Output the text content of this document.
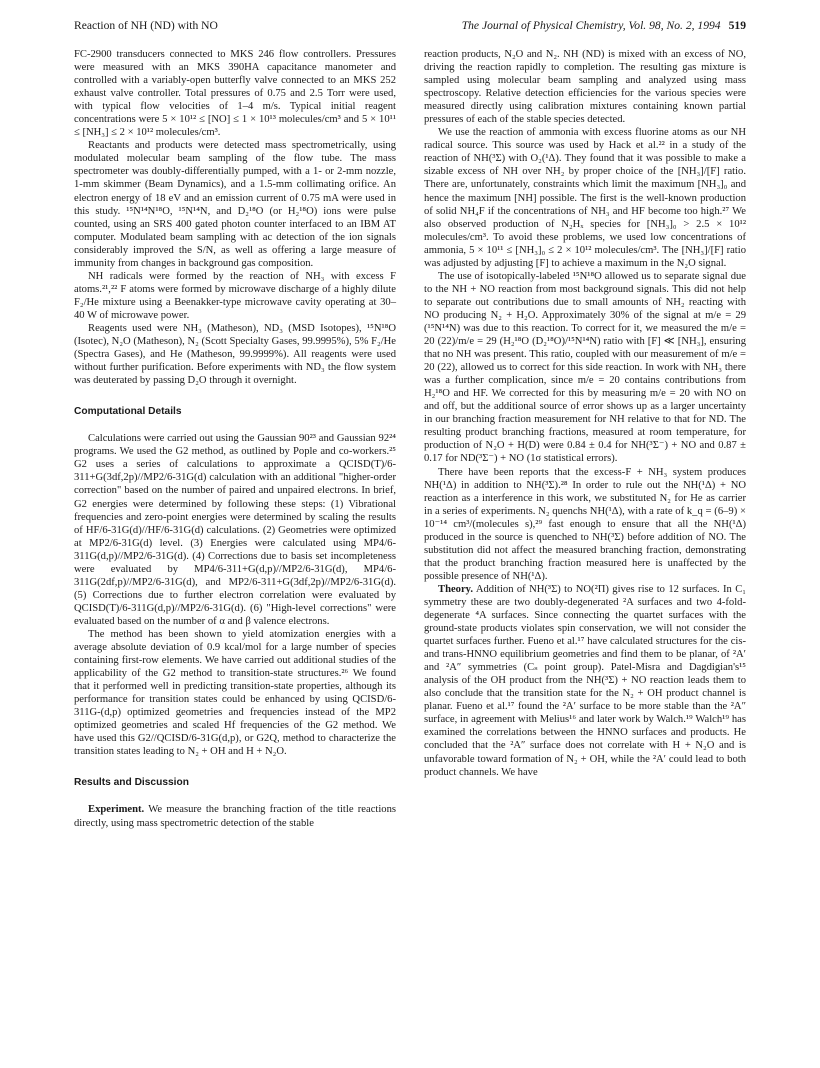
Reaction of NH (ND) with NO	The Journal of Physical Chemistry, Vol. 98, No. 2, 1994 519

FC-2900 transducers connected to MKS 246 flow controllers. Pressures were measured with an MKS 390HA capacitance manometer and controlled with a variably-open butterfly valve connected to an MKS 252 exhaust valve controller. Total pressures of 0.75 and 2.5 Torr were used, with typical flow velocities of 1–4 m/s. Typical initial reagent concentrations were 5 × 10¹² ≤ [NO] ≤ 1 × 10¹³ molecules/cm³ and 5 × 10¹¹ ≤ [NH₃] ≤ 2 × 10¹² molecules/cm³.

Reactants and products were detected mass spectrometrically, using modulated molecular beam sampling of the flow tube. The mass spectrometer was doubly-differentially pumped, with a 1- or 2-mm nozzle, 1-mm skimmer (Beam Dynamics), and a 1.5-mm collimating orifice. An electron energy of 18 eV and an emission current of 0.75 mA were used in this study. ¹⁵N¹⁴N¹⁸O, ¹⁵N¹⁴N, and D₂¹⁸O (or H₂¹⁸O) ions were pulse counted, using an SRS 400 gated photon counter interfaced to an IBM AT computer. Modulated beam sampling with ac detection of the ion signals considerably improved the S/N, as well as offering a large measure of immunity from changes in background gas composition.

NH radicals were formed by the reaction of NH₃ with excess F atoms.²¹,²² F atoms were formed by microwave discharge of a highly dilute F₂/He mixture using a Beenakker-type microwave cavity operating at 30–40 W of microwave power.

Reagents used were NH₃ (Matheson), ND₃ (MSD Isotopes), ¹⁵N¹⁸O (Isotec), N₂O (Matheson), N₂ (Scott Specialty Gases, 99.9995%), 5% F₂/He (Spectra Gases), and He (Matheson, 99.9999%). All reagents were used without further purification. Before experiments with ND₃ the flow system was deuterated by passing D₂O through it overnight.

Computational Details

Calculations were carried out using the Gaussian 90²³ and Gaussian 92²⁴ programs. We used the G2 method, as outlined by Pople and co-workers.²⁵ G2 uses a series of calculations to approximate a QCISD(T)/6-311+G(3df,2p)//MP2/6-31G(d) calculation with an additional "higher-order correction" based on the number of paired and unpaired electrons. In brief, G2 energies were determined by following these steps: (1) Vibrational frequencies and zero-point energies were determined by scaling the results of HF/6-31G(d)//HF/6-31G(d) calculations. (2) Geometries were optimized at MP2/6-31G(d) level. (3) Energies were calculated using MP4/6-311G(d,p)//MP2/6-31G(d). (4) Corrections due to basis set incompleteness were evaluated by MP4/6-311+G(d,p)//MP2/6-31G(d), MP4/6-311G(2df,p)//MP2/6-31G(d), and MP2/6-311+G(3df,2p)//MP2/6-31G(d). (5) Corrections due to further electron correlation were evaluated by QCISD(T)/6-311G(d,p)//MP2/6-31G(d). (6) "High-level corrections" were evaluated based on the number of α and β valence electrons.

The method has been shown to yield atomization energies with a average absolute deviation of 0.9 kcal/mol for a large number of species containing first-row elements. We have carried out additional studies of the applicability of the G2 method to transition-state structures.²⁶ We found that it performed well in predicting transition-state properties, although its performance for transition states could be enhanced by using QCISD/6-311G-(d,p) optimized geometries and frequencies instead of the MP2 optimized geometries and scaled Hf frequencies of the G2 method. We have used this G2//QCISD/6-31G(d,p), or G2Q, method to characterize the transition states leading to N₂ + OH and H + N₂O.

Results and Discussion

Experiment. We measure the branching fraction of the title reactions directly, using mass spectrometric detection of the stable

reaction products, N₂O and N₂. NH (ND) is mixed with an excess of NO, driving the reaction rapidly to completion. The resulting gas mixture is sampled using molecular beam sampling and analyzed using mass spectroscopy. Relative detection efficiencies for the various species were measured directly using calibration mixtures containing known partial pressures of each of the stable species detected.

We use the reaction of ammonia with excess fluorine atoms as our NH radical source. This source was used by Hack et al.²² in a study of the reaction of NH(³Σ) with O₂(¹Δ). They found that it was possible to make a sizable excess of NH over NH₂ by proper choice of the [NH₃]/[F] ratio. There are, unfortunately, constraints which limit the maximum [NH₃]₀ and hence the maximum [NH] possible. The first is the well-known production of solid NH₄F if the concentrations of NH₃ and HF become too high.²⁷ We also observed production of N₂Hₓ species for [NH₃]₀ > 2.5 × 10¹² molecules/cm³. To avoid these problems, we used low concentrations of ammonia, 5 × 10¹¹ ≤ [NH₃]₀ ≤ 2 × 10¹² molecules/cm³. The [NH₃]/[F] ratio was adjusted by adjusting [F] to achieve a maximum in the N₂O signal.

The use of isotopically-labeled ¹⁵N¹⁸O allowed us to separate signal due to the NH + NO reaction from most background signals. This did not help to separate out contributions due to small amounts of NH₂ reacting with NO producing N₂ + H₂O. Approximately 30% of the signal at m/e = 29 (¹⁵N¹⁴N) was due to this reaction. To correct for it, we measured the m/e = 20 (22)/m/e = 29 (H₂¹⁸O (D₂¹⁸O)/¹⁵N¹⁴N) ratio with [F] ≪ [NH₃], ensuring that no NH was present. This ratio, coupled with our measurement of m/e = 20 (22), allowed us to correct for this side reaction. In work with NH₃ there was a further complication, since m/e = 20 contains contributions from H₂¹⁸O and HF. We corrected for this by measuring m/e = 20 with NO on and off, but the additional source of error shows up as a larger uncertainty in our branching fraction measurement for NH relative to that for ND. The resulting product branching fractions, measured at room temperature, for production of N₂O + H(D) were 0.84 ± 0.4 for NH(³Σ⁻) + NO and 0.87 ± 0.17 for ND(³Σ⁻) + NO (1σ statistical errors).

There have been reports that the excess-F + NH₃ system produces NH(¹Δ) in addition to NH(³Σ).²⁸ In order to rule out the NH(¹Δ) + NO reaction as a interference in this work, we substituted N₂ for He as carrier in a series of experiments. N₂ quenchs NH(¹Δ), with a rate of k_q = (6–9) × 10⁻¹⁴ cm³/(molecules s),²⁹ fast enough to ensure that all the NH(¹Δ) produced in the source is quenched to NH(³Σ) before addition of NO. The substitution did not affect the measured branching fraction, demonstrating that the product branching fraction measured here is unaffected by the possible presence of NH(¹Δ).

Theory. Addition of NH(³Σ) to NO(²Π) gives rise to 12 surfaces. In C₁ symmetry these are two doubly-degenerated ²A surfaces and two 4-fold-degenerate ⁴A surfaces. Since connecting the quartet surfaces with the ground-state products violates spin conservation, we will not consider the quartet surfaces further. Fueno et al.¹⁷ have calculated structures for the cis- and trans-HNNO equilibrium geometries and find them to be planar, of ²A′ and ²A″ symmetries (Cₛ point group). Patel-Misra and Dagdigian's¹⁵ analysis of the OH product from the NH(³Σ) + NO reaction leads them to also conclude that the transition state for the N₂ + OH product channel is planar. Fueno et al.¹⁷ found the ²A′ surface to be more stable than the ²A″ surface, in agreement with Melius¹⁶ and later work by Walch.¹⁹ Walch¹⁹ has examined the correlations between the HNNO surfaces and products. He concluded that the ²A″ surface does not correlate with H + N₂O and is unfavorable toward formation of N₂ + OH, while the ²A′ could lead to both product channels. We have
